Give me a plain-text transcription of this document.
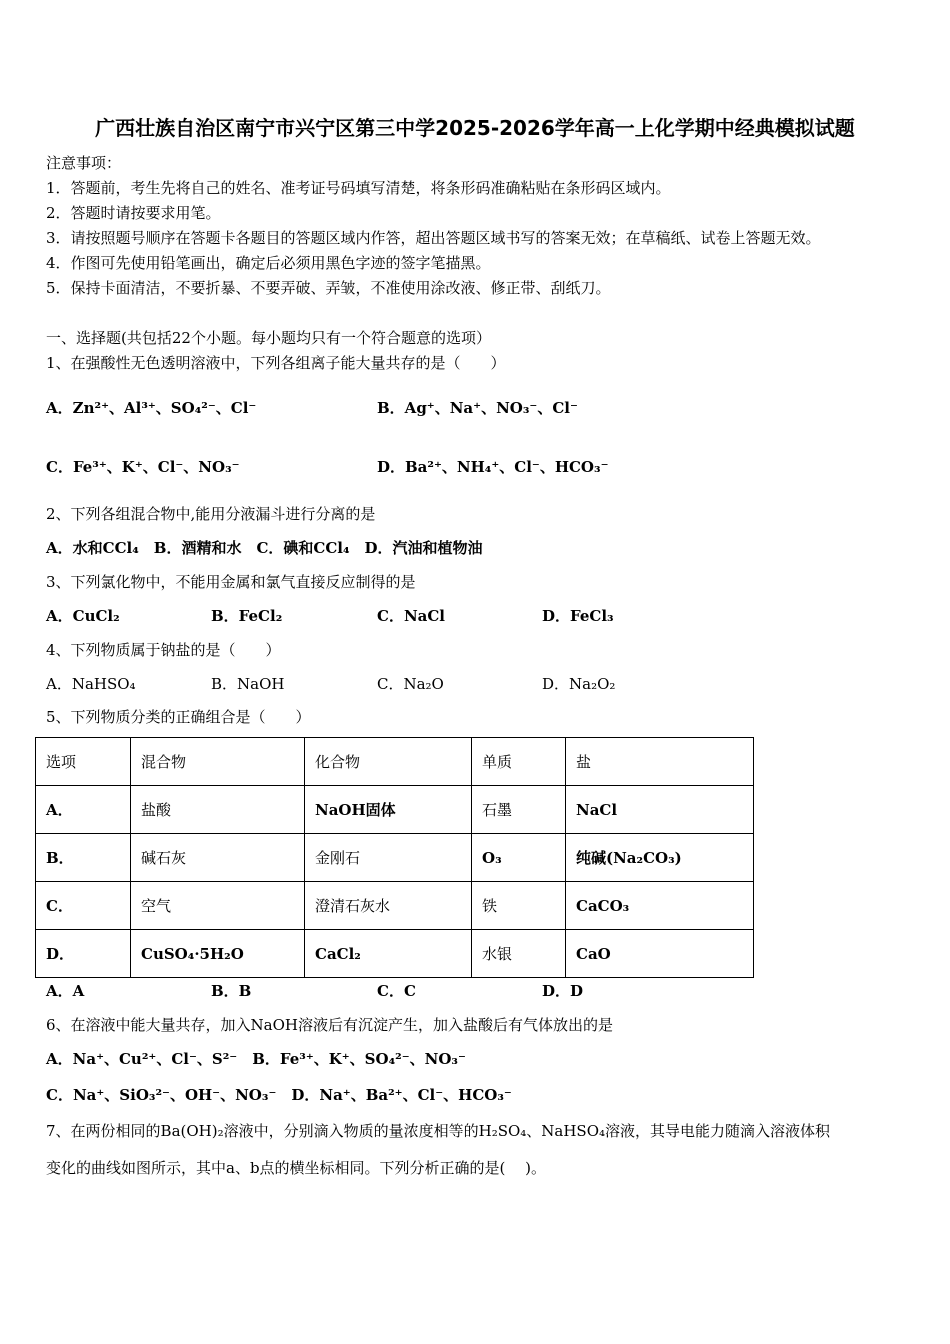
广西壮族自治区南宁市兴宁区第三中学2025-2026学年高一上化学期中经典模拟试题
注意事项：
1．答题前，考生先将自己的姓名、准考证号码填写清楚，将条形码准确粘贴在条形码区域内。
2．答题时请按要求用笔。
3．请按照题号顺序在答题卡各题目的答题区域内作答，超出答题区域书写的答案无效；在草稿纸、试卷上答题无效。
4．作图可先使用铅笔画出，确定后必须用黑色字迹的签字笔描黑。
5．保持卡面清洁，不要折暴、不要弄破、弄皱，不准使用涂改液、修正带、刮纸刀。
一、选择题(共包括22个小题。每小题均只有一个符合题意的选项）
1、在强酸性无色透明溶液中，下列各组离子能大量共存的是（　　）
A．Zn²⁺、Al³⁺、SO₄²⁻、Cl⁻	B．Ag⁺、Na⁺、NO₃⁻、Cl⁻
C．Fe³⁺、K⁺、Cl⁻、NO₃⁻	D．Ba²⁺、NH₄⁺、Cl⁻、HCO₃⁻
2、下列各组混合物中,能用分液漏斗进行分离的是
A．水和CCl₄　B．酒精和水　C．碘和CCl₄　D．汽油和植物油
3、下列氯化物中，不能用金属和氯气直接反应制得的是
A．CuCl₂	B．FeCl₂	C．NaCl	D．FeCl₃
4、下列物质属于钠盐的是（　　）
A．NaHSO₄	B．NaOH	C．Na₂O	D．Na₂O₂
5、下列物质分类的正确组合是（　　）
选项	混合物	化合物	单质	盐
A．	盐酸	NaOH固体	石墨	NaCl
B．	碱石灰	金刚石	O₃	纯碱(Na₂CO₃)
C．	空气	澄清石灰水	铁	CaCO₃
D．	CuSO₄·5H₂O	CaCl₂	水银	CaO
A．A	B．B	C．C	D．D
6、在溶液中能大量共存，加入NaOH溶液后有沉淀产生，加入盐酸后有气体放出的是
A．Na⁺、Cu²⁺、Cl⁻、S²⁻　B．Fe³⁺、K⁺、SO₄²⁻、NO₃⁻
C．Na⁺、SiO₃²⁻、OH⁻、NO₃⁻　D．Na⁺、Ba²⁺、Cl⁻、HCO₃⁻
7、在两份相同的Ba(OH)₂溶液中，分别滴入物质的量浓度相等的H₂SO₄、NaHSO₄溶液，其导电能力随滴入溶液体积
变化的曲线如图所示，其中a、b点的横坐标相同。下列分析正确的是(　 )。
